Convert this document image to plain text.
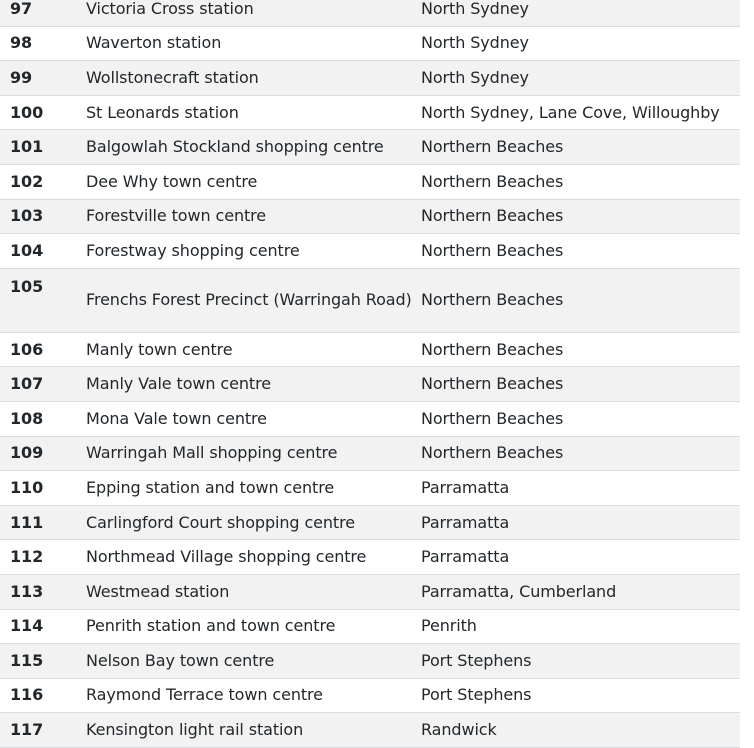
97	Victoria Cross station	North Sydney
98	Waverton station	North Sydney
99	Wollstonecraft station	North Sydney
100	St Leonards station	North Sydney, Lane Cove, Willoughby
101	Balgowlah Stockland shopping centre	Northern Beaches
102	Dee Why town centre	Northern Beaches
103	Forestville town centre	Northern Beaches
104	Forestway shopping centre	Northern Beaches
105	Frenchs Forest Precinct (Warringah Road)	Northern Beaches
106	Manly town centre	Northern Beaches
107	Manly Vale town centre	Northern Beaches
108	Mona Vale town centre	Northern Beaches
109	Warringah Mall shopping centre	Northern Beaches
110	Epping station and town centre	Parramatta
111	Carlingford Court shopping centre	Parramatta
112	Northmead Village shopping centre	Parramatta
113	Westmead station	Parramatta, Cumberland
114	Penrith station and town centre	Penrith
115	Nelson Bay town centre	Port Stephens
116	Raymond Terrace town centre	Port Stephens
117	Kensington light rail station	Randwick
